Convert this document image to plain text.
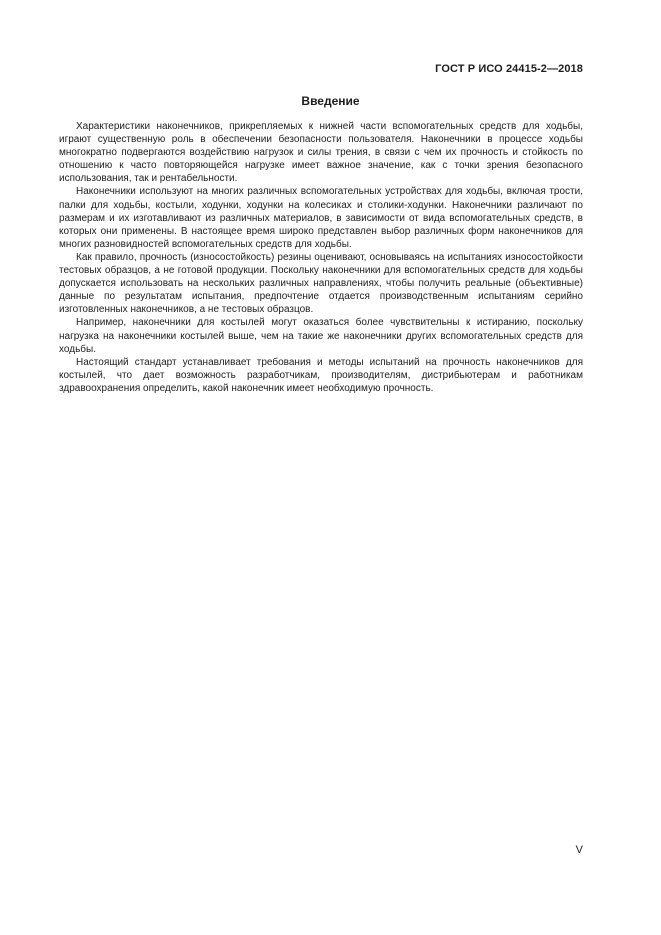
ГОСТ Р ИСО 24415-2—2018
Введение

Характеристики наконечников, прикрепляемых к нижней части вспомогательных средств для ходьбы, играют существенную роль в обеспечении безопасности пользователя. Наконечники в процессе ходьбы многократно подвергаются воздействию нагрузок и силы трения, в связи с чем их прочность и стойкость по отношению к часто повторяющейся нагрузке имеет важное значение, как с точки зрения безопасного использования, так и рентабельности.

Наконечники используют на многих различных вспомогательных устройствах для ходьбы, включая трости, палки для ходьбы, костыли, ходунки, ходунки на колесиках и столики-ходунки. Наконечники различают по размерам и их изготавливают из различных материалов, в зависимости от вида вспомогательных средств, в которых они применены. В настоящее время широко представлен выбор различных форм наконечников для многих разновидностей вспомогательных средств для ходьбы.

Как правило, прочность (износостойкость) резины оценивают, основываясь на испытаниях износостойкости тестовых образцов, а не готовой продукции. Поскольку наконечники для вспомогательных средств для ходьбы допускается использовать на нескольких различных направлениях, чтобы получить реальные (объективные) данные по результатам испытания, предпочтение отдается производственным испытаниям серийно изготовленных наконечников, а не тестовых образцов.

Например, наконечники для костылей могут оказаться более чувствительны к истиранию, поскольку нагрузка на наконечники костылей выше, чем на такие же наконечники других вспомогательных средств для ходьбы.

Настоящий стандарт устанавливает требования и методы испытаний на прочность наконечников для костылей, что дает возможность разработчикам, производителям, дистрибьютерам и работникам здравоохранения определить, какой наконечник имеет необходимую прочность.

V
